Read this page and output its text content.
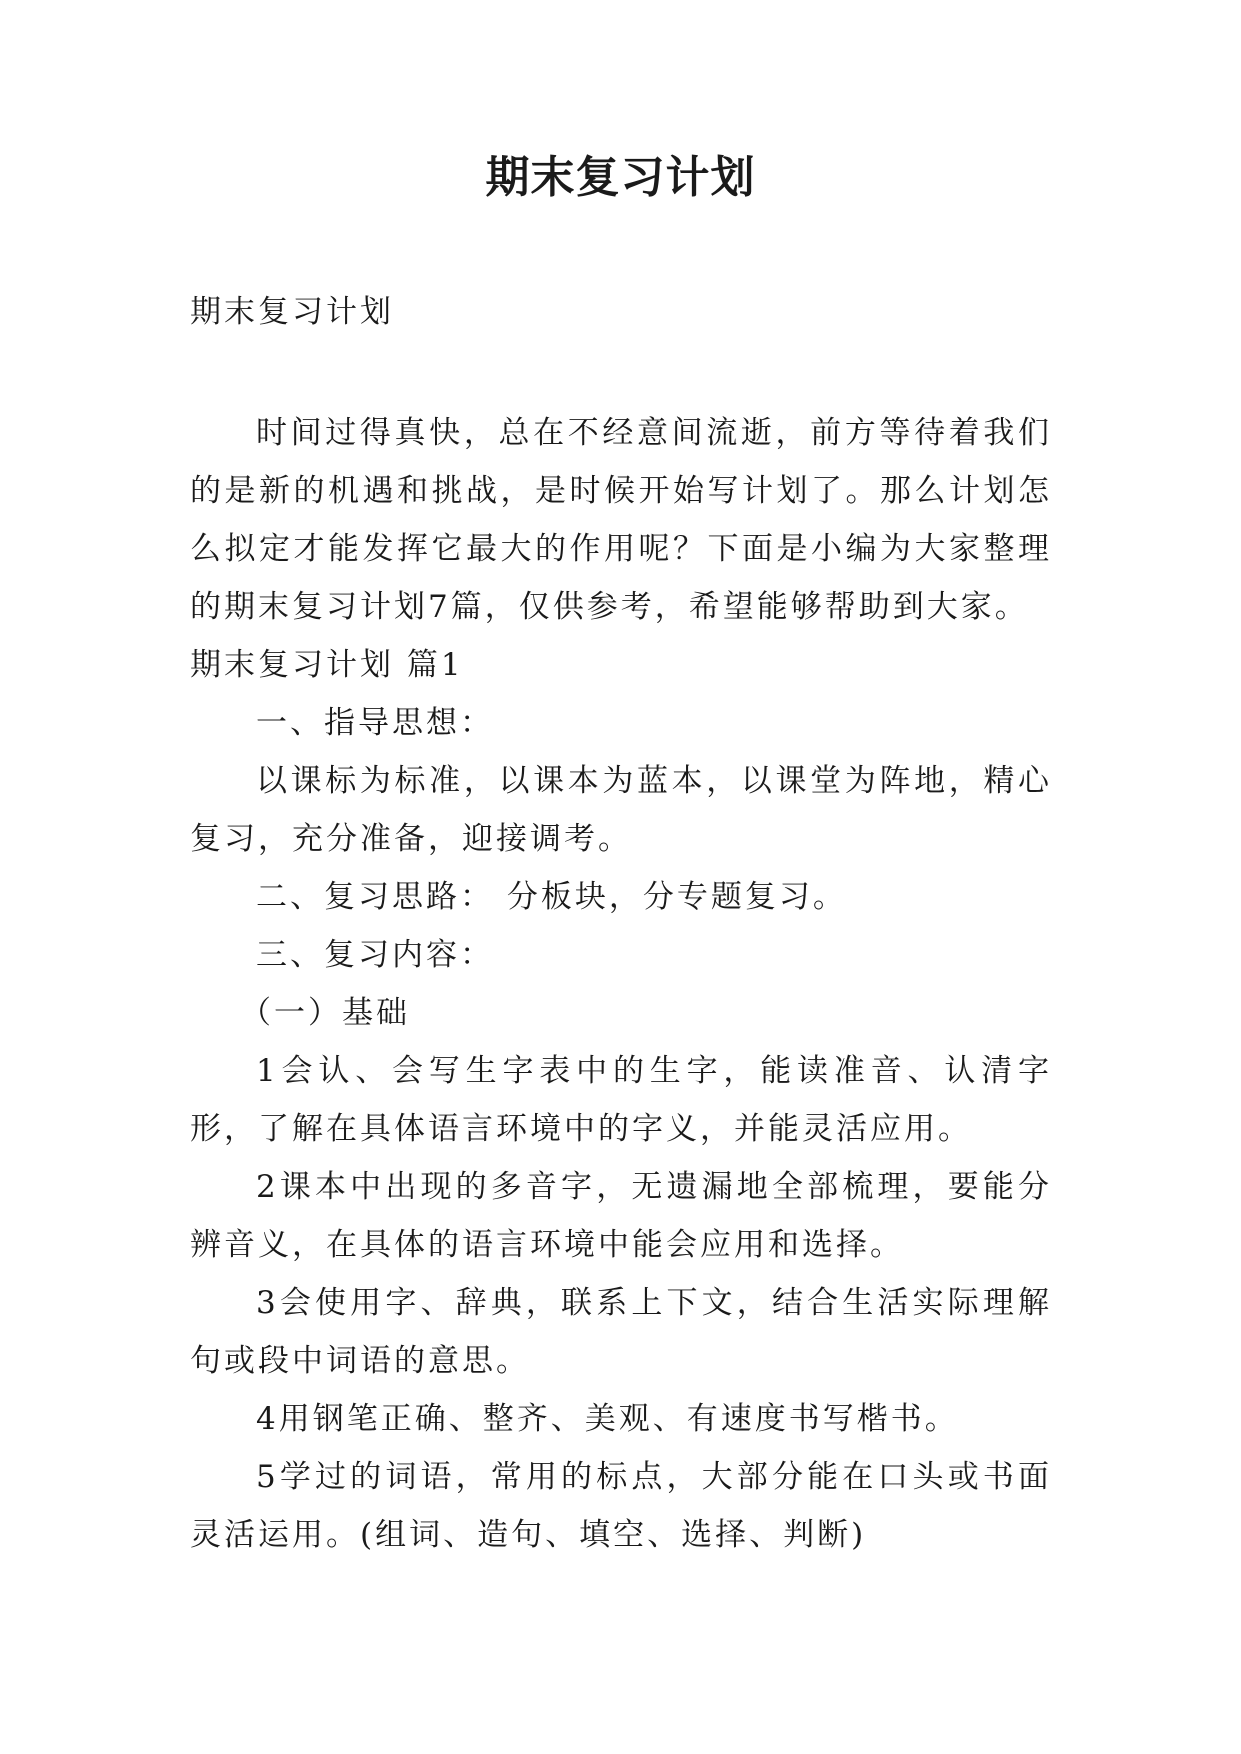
期末复习计划
期末复习计划

时间过得真快，总在不经意间流逝，前方等待着我们的是新的机遇和挑战，是时候开始写计划了。那么计划怎么拟定才能发挥它最大的作用呢？下面是小编为大家整理的期末复习计划7篇，仅供参考，希望能够帮助到大家。

期末复习计划 篇1

一、指导思想：

以课标为标准，以课本为蓝本，以课堂为阵地，精心复习，充分准备，迎接调考。

二、复习思路： 分板块，分专题复习。

三、复习内容：

（一）基础

1会认、会写生字表中的生字，能读准音、认清字形，了解在具体语言环境中的字义，并能灵活应用。

2课本中出现的多音字，无遗漏地全部梳理，要能分辨音义，在具体的语言环境中能会应用和选择。

3会使用字、辞典，联系上下文，结合生活实际理解句或段中词语的意思。

4用钢笔正确、整齐、美观、有速度书写楷书。

5学过的词语，常用的标点，大部分能在口头或书面灵活运用。(组词、造句、填空、选择、判断)
